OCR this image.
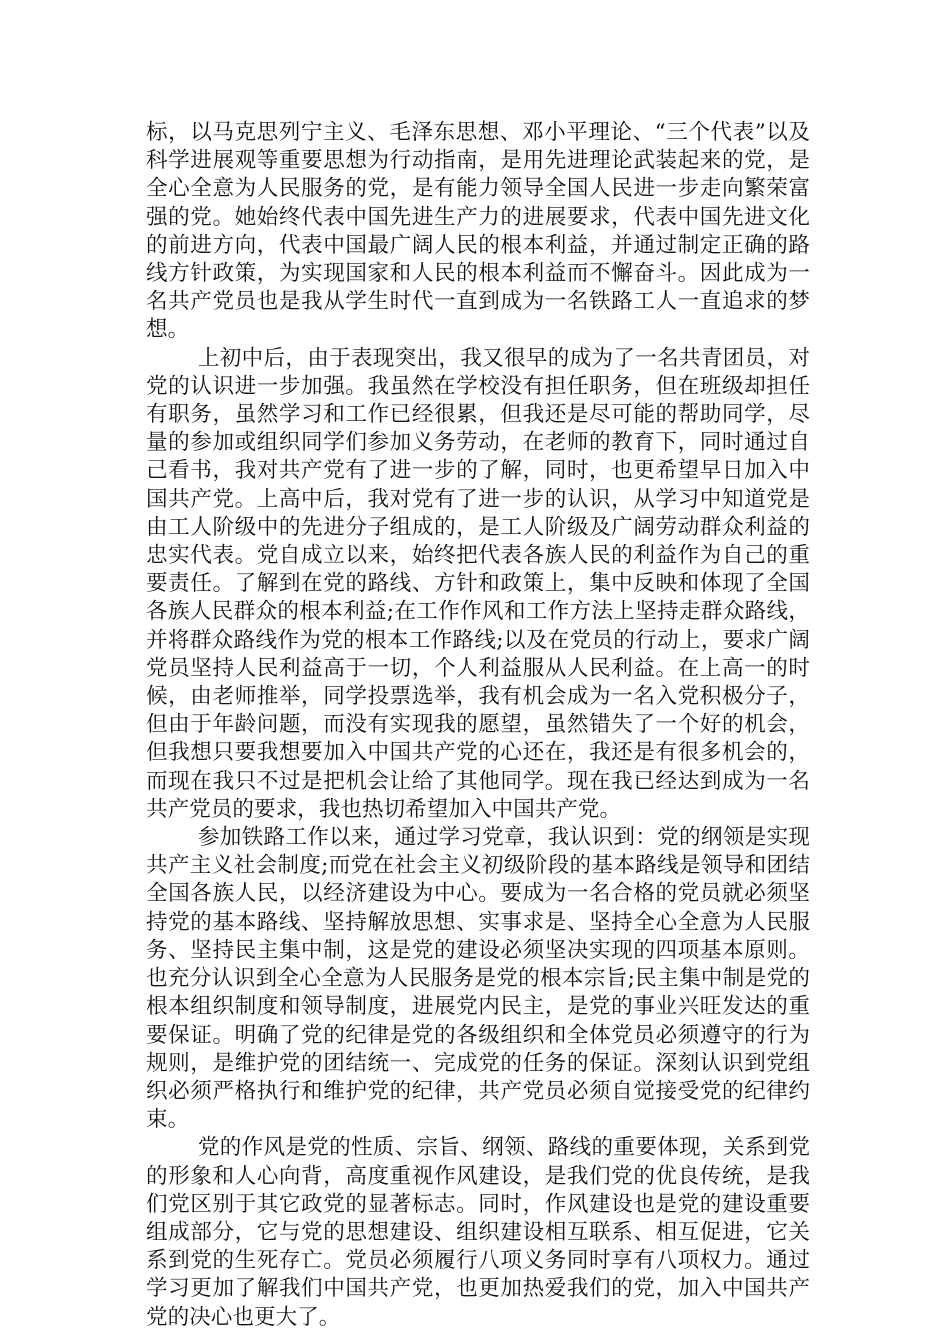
标，以马克思列宁主义、毛泽东思想、邓小平理论、“三个代表”以及科学进展观等重要思想为行动指南，是用先进理论武装起来的党，是全心全意为人民服务的党，是有能力领导全国人民进一步走向繁荣富强的党。她始终代表中国先进生产力的进展要求，代表中国先进文化的前进方向，代表中国最广阔人民的根本利益，并通过制定正确的路线方针政策，为实现国家和人民的根本利益而不懈奋斗。因此成为一名共产党员也是我从学生时代一直到成为一名铁路工人一直追求的梦想。

上初中后，由于表现突出，我又很早的成为了一名共青团员，对党的认识进一步加强。我虽然在学校没有担任职务，但在班级却担任有职务，虽然学习和工作已经很累，但我还是尽可能的帮助同学，尽量的参加或组织同学们参加义务劳动，在老师的教育下，同时通过自己看书，我对共产党有了进一步的了解，同时，也更希望早日加入中国共产党。上高中后，我对党有了进一步的认识，从学习中知道党是由工人阶级中的先进分子组成的，是工人阶级及广阔劳动群众利益的忠实代表。党自成立以来，始终把代表各族人民的利益作为自己的重要责任。了解到在党的路线、方针和政策上，集中反映和体现了全国各族人民群众的根本利益;在工作作风和工作方法上坚持走群众路线，并将群众路线作为党的根本工作路线;以及在党员的行动上，要求广阔党员坚持人民利益高于一切，个人利益服从人民利益。在上高一的时候，由老师推举，同学投票选举，我有机会成为一名入党积极分子，但由于年龄问题，而没有实现我的愿望，虽然错失了一个好的机会，但我想只要我想要加入中国共产党的心还在，我还是有很多机会的，而现在我只不过是把机会让给了其他同学。现在我已经达到成为一名共产党员的要求，我也热切希望加入中国共产党。

参加铁路工作以来，通过学习党章，我认识到：党的纲领是实现共产主义社会制度;而党在社会主义初级阶段的基本路线是领导和团结全国各族人民，以经济建设为中心。要成为一名合格的党员就必须坚持党的基本路线、坚持解放思想、实事求是、坚持全心全意为人民服务、坚持民主集中制，这是党的建设必须坚决实现的四项基本原则。也充分认识到全心全意为人民服务是党的根本宗旨;民主集中制是党的根本组织制度和领导制度，进展党内民主，是党的事业兴旺发达的重要保证。明确了党的纪律是党的各级组织和全体党员必须遵守的行为规则，是维护党的团结统一、完成党的任务的保证。深刻认识到党组织必须严格执行和维护党的纪律，共产党员必须自觉接受党的纪律约束。

党的作风是党的性质、宗旨、纲领、路线的重要体现，关系到党的形象和人心向背，高度重视作风建设，是我们党的优良传统，是我们党区别于其它政党的显著标志。同时，作风建设也是党的建设重要组成部分，它与党的思想建设、组织建设相互联系、相互促进，它关系到党的生死存亡。党员必须履行八项义务同时享有八项权力。通过学习更加了解我们中国共产党，也更加热爱我们的党，加入中国共产党的决心也更大了。
